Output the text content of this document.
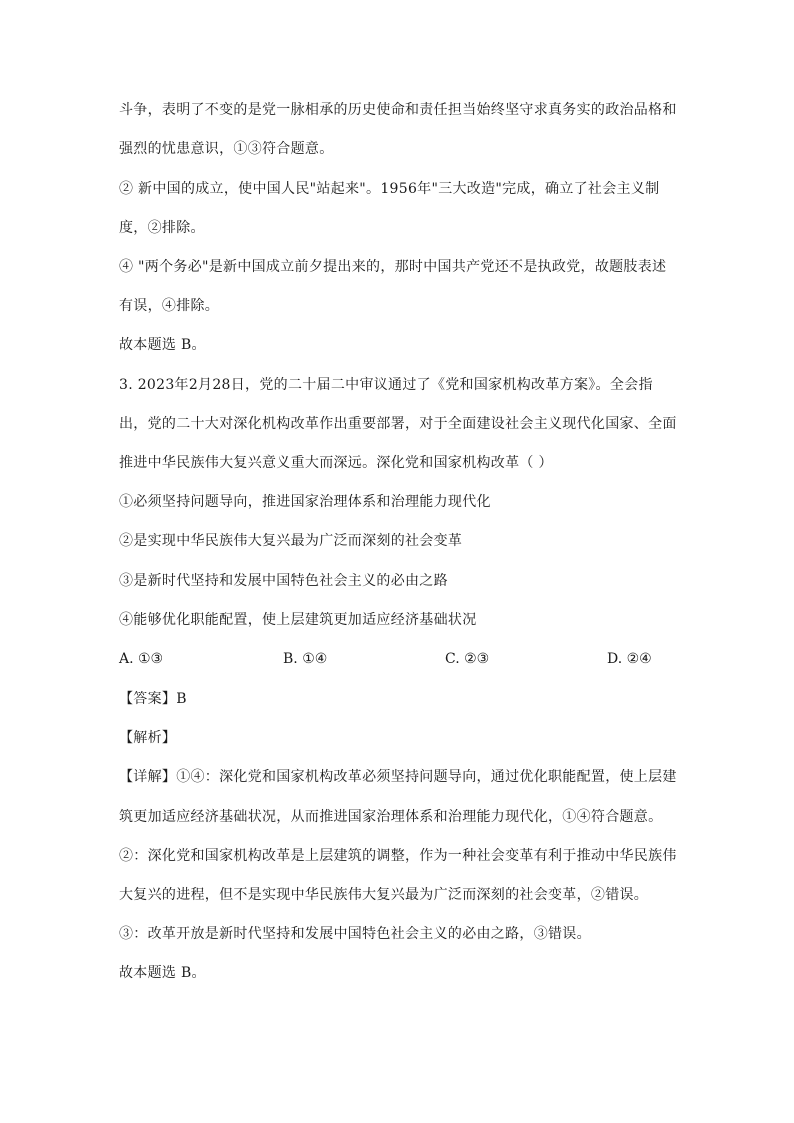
斗争，表明了不变的是党一脉相承的历史使命和责任担当始终坚守求真务实的政治品格和
强烈的忧患意识，①③符合题意。
② 新中国的成立，使中国人民"站起来"。1956年"三大改造"完成，确立了社会主义制
度，②排除。
④ "两个务必"是新中国成立前夕提出来的，那时中国共产党还不是执政党，故题肢表述
有误，④排除。
故本题选 B。
3. 2023年2月28日，党的二十届二中审议通过了《党和国家机构改革方案》。全会指
出，党的二十大对深化机构改革作出重要部署，对于全面建设社会主义现代化国家、全面
推进中华民族伟大复兴意义重大而深远。深化党和国家机构改革（ ）
①必须坚持问题导向，推进国家治理体系和治理能力现代化
②是实现中华民族伟大复兴最为广泛而深刻的社会变革
③是新时代坚持和发展中国特色社会主义的必由之路
④能够优化职能配置，使上层建筑更加适应经济基础状况
A. ①③	B. ①④	C. ②③	D. ②④
【答案】B
【解析】
【详解】①④：深化党和国家机构改革必须坚持问题导向，通过优化职能配置，使上层建
筑更加适应经济基础状况，从而推进国家治理体系和治理能力现代化，①④符合题意。
②：深化党和国家机构改革是上层建筑的调整，作为一种社会变革有利于推动中华民族伟
大复兴的进程，但不是实现中华民族伟大复兴最为广泛而深刻的社会变革，②错误。
③：改革开放是新时代坚持和发展中国特色社会主义的必由之路，③错误。
故本题选 B。
